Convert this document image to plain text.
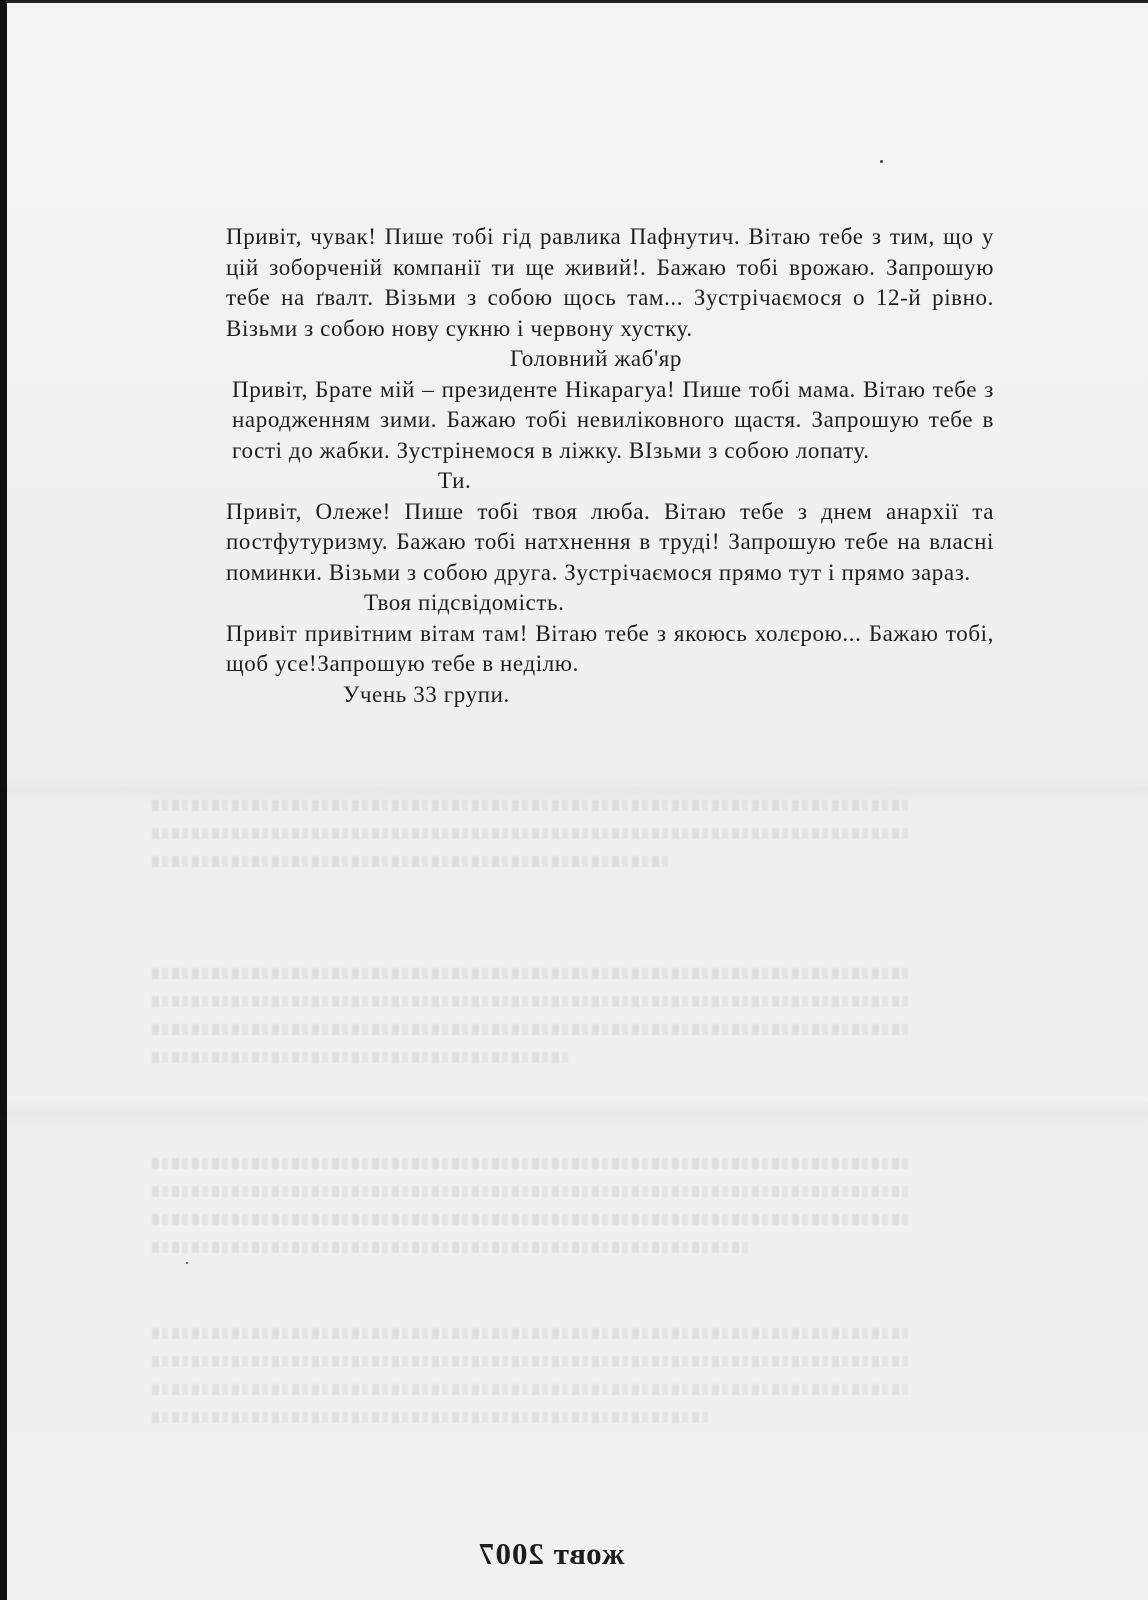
Привіт, чувак! Пише тобі гід равлика Пафнутич. Вітаю тебе з тим, що у цій зоборченій компанії ти ще живий!. Бажаю тобі врожаю. Запрошую тебе на ґвалт. Візьми з собою щось там... Зустрічаємося о 12-й рівно. Візьми з собою нову сукню і червону хустку.

Головний жаб'яр

Привіт, Брате мій – президенте Нікарагуа! Пише тобі мама. Вітаю тебе з народженням зими. Бажаю тобі невиліковного щастя. Запрошую тебе в гості до жабки. Зустрінемося в ліжку. ВІзьми з собою лопату.

Ти.

Привіт, Олеже! Пише тобі твоя люба. Вітаю тебе з днем анархії та постфутуризму. Бажаю тобі натхнення в труді! Запрошую тебе на власні поминки. Візьми з собою друга. Зустрічаємося прямо тут і прямо зараз.

Твоя підсвідомість.

Привіт привітним вітам там! Вітаю тебе з якоюсь холєрою... Бажаю тобі, щоб усе!Запрошую тебе в неділю.

Учень 33 групи.

жовт 2007
